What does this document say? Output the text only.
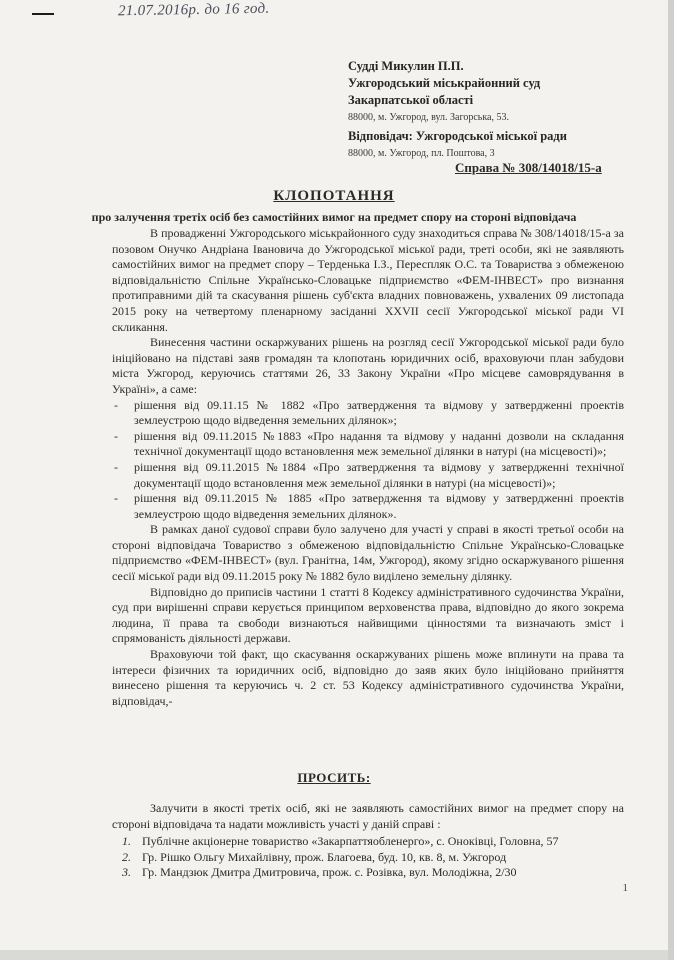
21.07.2016р. до 16 год.
Судді Микулин П.П.
Ужгородський міськрайонний суд
Закарпатської області
88000, м. Ужгород, вул. Загорська, 53.
Відповідач: Ужгородської міської ради
88000, м. Ужгород, пл. Поштова, 3
Справа № 308/14018/15-а
КЛОПОТАННЯ
про залучення третіх осіб без самостійних вимог на предмет спору на стороні відповідача

В провадженні Ужгородського міськрайонного суду знаходиться справа № 308/14018/15-а за позовом Онучко Андріана Івановича до Ужгородської міської ради, треті особи, які не заявляють самостійних вимог на предмет спору – Терденька І.З., Переспляк О.С. та Товариства з обмеженою відповідальністю Спільне Українсько-Словацьке підприємство «ФЕМ-ІНВЕСТ» про визнання протиправними дій та скасування рішень суб'єкта владних повноважень, ухвалених 09 листопада 2015 року на четвертому пленарному засіданні XXVII сесії Ужгородської міської ради VI скликання.

Винесення частини оскаржуваних рішень на розгляд сесії Ужгородської міської ради було ініційовано на підставі заяв громадян та клопотань юридичних осіб, враховуючи план забудови міста Ужгород, керуючись статтями 26, 33 Закону України «Про місцеве самоврядування в Україні», а саме:

- рішення від 09.11.15 № 1882 «Про затвердження та відмову у затвердженні проектів землеустрою щодо відведення земельних ділянок»;
- рішення від 09.11.2015 №1883 «Про надання та відмову у наданні дозволи на складання технічної документації щодо встановлення меж земельної ділянки в натурі (на місцевості)»;
- рішення від 09.11.2015 №1884 «Про затвердження та відмову у затвердженні технічної документації щодо встановлення меж земельної ділянки в натурі (на місцевості)»;
- рішення від 09.11.2015 № 1885 «Про затвердження та відмову у затвердженні проектів землеустрою щодо відведення земельних ділянок».

В рамках даної судової справи було залучено для участі у справі в якості третьої особи на стороні відповідача Товариство з обмеженою відповідальністю Спільне Українсько-Словацьке підприємство «ФЕМ-ІНВЕСТ» (вул. Гранітна, 14м, Ужгород), якому згідно оскаржуваного рішення сесії міської ради від 09.11.2015 року № 1882 було виділено земельну ділянку.

Відповідно до приписів частини 1 статті 8 Кодексу адміністративного судочинства України, суд при вирішенні справи керується принципом верховенства права, відповідно до якого зокрема людина, її права та свободи визнаються найвищими цінностями та визначають зміст і спрямованість діяльності держави.

Враховуючи той факт, що скасування оскаржуваних рішень може вплинути на права та інтереси фізичних та юридичних осіб, відповідно до заяв яких було ініційовано прийняття винесено рішення та керуючись ч. 2 ст. 53 Кодексу адміністративного судочинства України, відповідач,-

ПРОСИТЬ:

Залучити в якості третіх осіб, які не заявляють самостійних вимог на предмет спору на стороні відповідача та надати можливість участі у даній справі :

1. Публічне акціонерне товариство «Закарпаттяобленерго», с. Оноківці, Головна, 57
2. Гр. Рішко Ольгу Михайлівну, прож. Благоева, буд. 10, кв. 8, м. Ужгород
3. Гр. Мандзюк Дмитра Дмитровича, прож. с. Розівка, вул. Молодіжна, 2/30
1
